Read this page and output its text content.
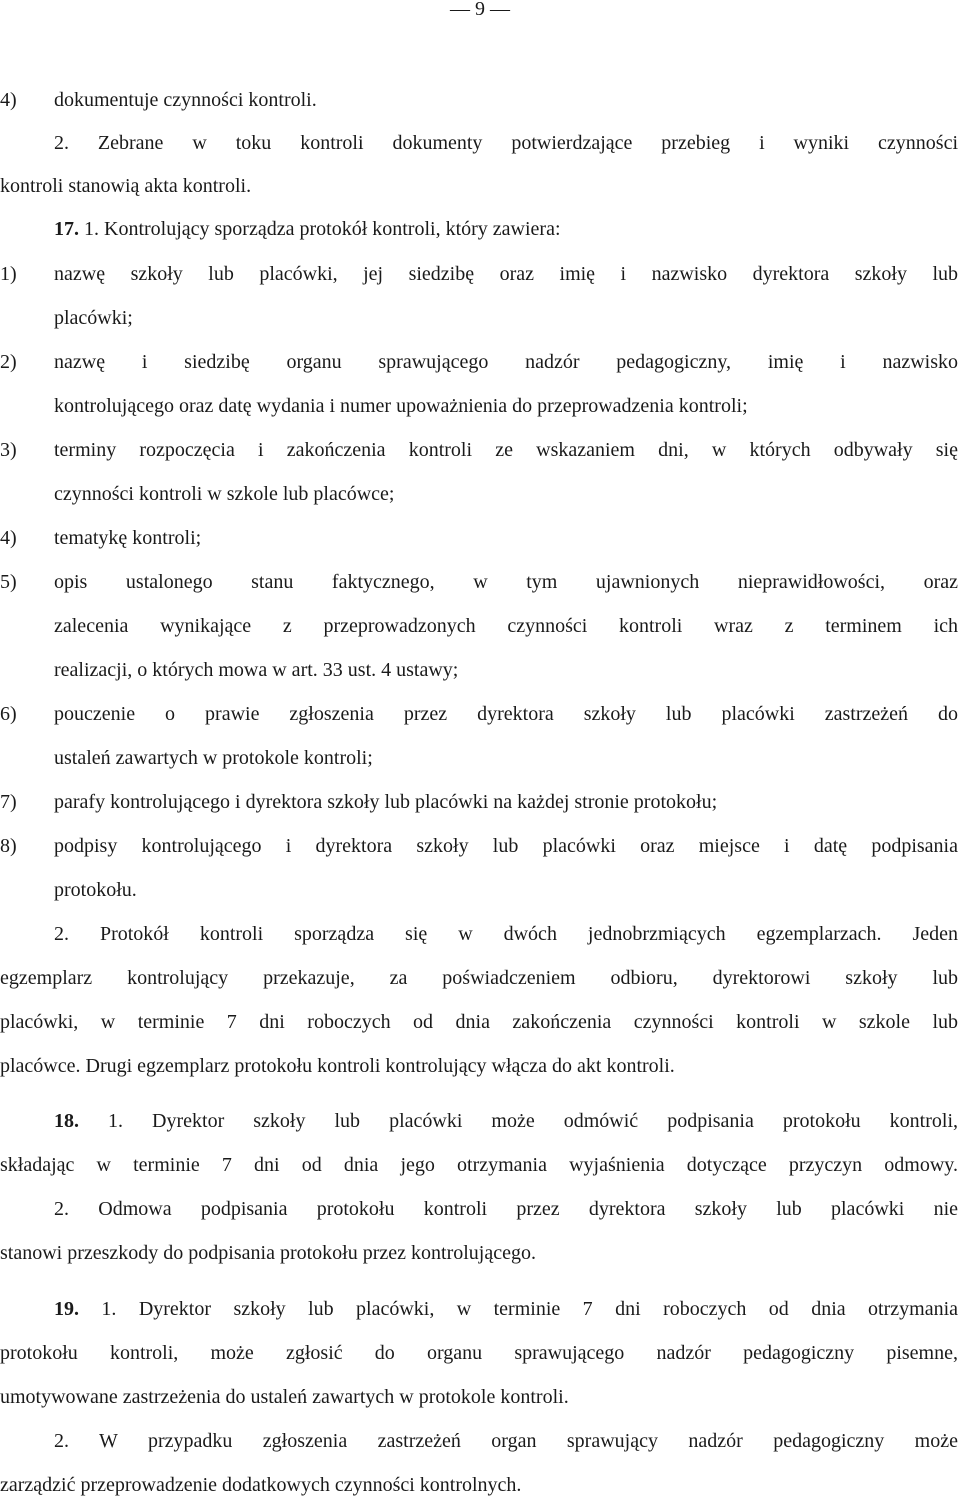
— 9 —
4) dokumentuje czynności kontroli.
2. Zebrane w toku kontroli dokumenty potwierdzające przebieg i wyniki czynności
kontroli stanowią akta kontroli.
17. 1. Kontrolujący sporządza protokół kontroli, który zawiera:
1) nazwę szkoły lub placówki, jej siedzibę oraz imię i nazwisko dyrektora szkoły lub
placówki;
2) nazwę i siedzibę organu sprawującego nadzór pedagogiczny, imię i nazwisko
kontrolującego oraz datę wydania i numer upoważnienia do przeprowadzenia kontroli;
3) terminy rozpoczęcia i zakończenia kontroli ze wskazaniem dni, w których odbywały się
czynności kontroli w szkole lub placówce;
4) tematykę kontroli;
5) opis ustalonego stanu faktycznego, w tym ujawnionych nieprawidłowości, oraz
zalecenia wynikające z przeprowadzonych czynności kontroli wraz z terminem ich
realizacji, o których mowa w art. 33 ust. 4 ustawy;
6) pouczenie o prawie zgłoszenia przez dyrektora szkoły lub placówki zastrzeżeń do
ustaleń zawartych w protokole kontroli;
7) parafy kontrolującego i dyrektora szkoły lub placówki na każdej stronie protokołu;
8) podpisy kontrolującego i dyrektora szkoły lub placówki oraz miejsce i datę podpisania
protokołu.
2. Protokół kontroli sporządza się w dwóch jednobrzmiących egzemplarzach. Jeden
egzemplarz kontrolujący przekazuje, za poświadczeniem odbioru, dyrektorowi szkoły lub
placówki, w terminie 7 dni roboczych od dnia zakończenia czynności kontroli w szkole lub
placówce. Drugi egzemplarz protokołu kontroli kontrolujący włącza do akt kontroli.
18. 1. Dyrektor szkoły lub placówki może odmówić podpisania protokołu kontroli,
składając w terminie 7 dni od dnia jego otrzymania wyjaśnienia dotyczące przyczyn odmowy.
2. Odmowa podpisania protokołu kontroli przez dyrektora szkoły lub placówki nie
stanowi przeszkody do podpisania protokołu przez kontrolującego.
19. 1. Dyrektor szkoły lub placówki, w terminie 7 dni roboczych od dnia otrzymania
protokołu kontroli, może zgłosić do organu sprawującego nadzór pedagogiczny pisemne,
umotywowane zastrzeżenia do ustaleń zawartych w protokole kontroli.
2. W przypadku zgłoszenia zastrzeżeń organ sprawujący nadzór pedagogiczny może
zarządzić przeprowadzenie dodatkowych czynności kontrolnych.
